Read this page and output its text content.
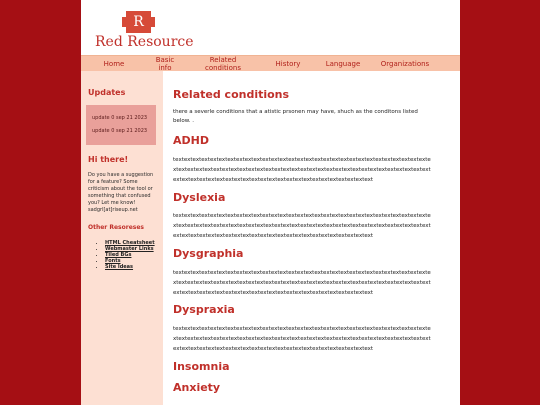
R
Red Resource
Home	Basic info
Related conditions	History	Language	Organizations
Updates
update 0 sep 21 2023
update 0 sep 21 2023
Hi there!
Do you have a suggestion for a feature? Some criticism about the tool or something that confused you? Let me know! sadgrl[at]riseup.net
Other Resoreses
• HTML Cheatsheet
• Webmaster Links
• Tiled BGs
• Fonts
• Site Ideas
Related conditions

there a severle conditions that a atistic prsonen may have, shuch as the conditons listed below. .

ADHD

textextextextextextextextextextextextextextextextextextextextextextextextextextextextextextextextextextextextextextextextextextextextextextextextextextextextextextextextextextextextextextextextextextextextextextextextextextextextextextextextextext

Dyslexia

textextextextextextextextextextextextextextextextextextextextextextextextextextextextextextextextextextextextextextextextextextextextextextextextextextextextextextextextextextextextextextextextextextextextextextextextextextextextextextextextextext

Dysgraphia

textextextextextextextextextextextextextextextextextextextextextextextextextextextextextextextextextextextextextextextextextextextextextextextextextextextextextextextextextextextextextextextextextextextextextextextextextextextextextextextextextext

Dyspraxia

textextextextextextextextextextextextextextextextextextextextextextextextextextextextextextextextextextextextextextextextextextextextextextextextextextextextextextextextextextextextextextextextextextextextextextextextextextextextextextextextextext

Insomnia
Anxiety
